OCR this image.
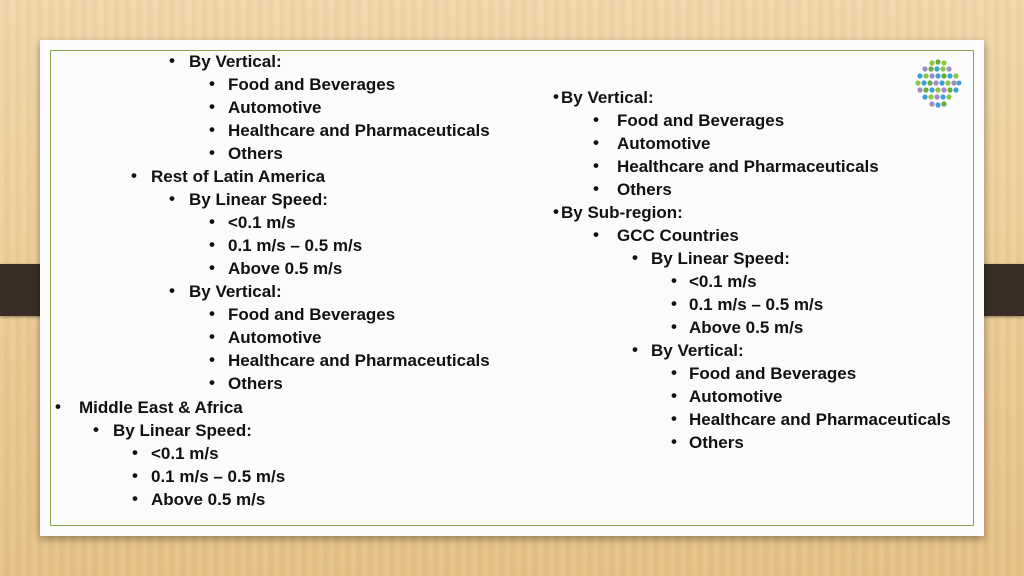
• By Vertical:
• Food and Beverages
• Automotive
• Healthcare and Pharmaceuticals
• Others
• Rest of Latin America
• By Linear Speed:
• <0.1 m/s
• 0.1 m/s – 0.5 m/s
• Above 0.5 m/s
• By Vertical:
• Food and Beverages
• Automotive
• Healthcare and Pharmaceuticals
• Others
• Middle East & Africa
• By Linear Speed:
• <0.1 m/s
• 0.1 m/s – 0.5 m/s
• Above 0.5 m/s
• By Vertical:
• Food and Beverages
• Automotive
• Healthcare and Pharmaceuticals
• Others
• By Sub-region:
• GCC Countries
• By Linear Speed:
• <0.1 m/s
• 0.1 m/s – 0.5 m/s
• Above 0.5 m/s
• By Vertical:
• Food and Beverages
• Automotive
• Healthcare and Pharmaceuticals
• Others
